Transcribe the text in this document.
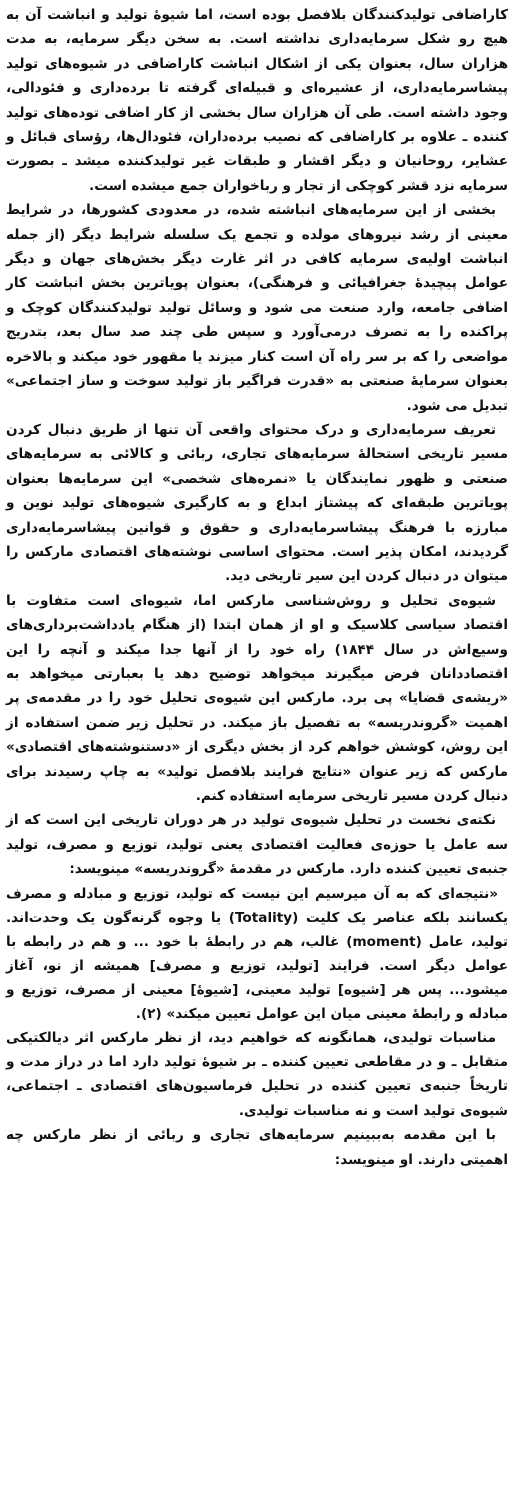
کاراضافی تولیدکنندگان بلافصل بوده است، اما شیوهٔ تولید و انباشت آن به هیچ رو شکل سرمایه‌داری نداشته است. به سخن دیگر سرمایه، به مدت هزاران سال، بعنوان یکی از اشکال انباشت کاراضافی در شیوه‌های تولید پیشاسرمایه‌داری، از عشیره‌ای و قبیله‌ای گرفته تا برده‌داری و فئودالی، وجود داشته است. طی آن هزاران سال بخشی از کار اضافی توده‌های تولید کننده ـ علاوه بر کاراضافی که نصیب برده‌داران، فئودال‌ها، رؤسای قبائل و عشایر، روحانیان و دیگر اقشار و طبقات غیر تولیدکننده میشد ـ بصورت سرمایه نزد قشر کوچکی از تجار و رباخواران جمع میشده است.

بخشی از این سرمایه‌های انباشته شده، در معدودی کشورها، در شرایط معینی از رشد نیروهای مولده و تجمع یک سلسله شرایط دیگر (از جمله انباشت اولیه‌ی سرمایه کافی در اثر غارت دیگر بخش‌های جهان و دیگر عوامل پیچیدهٔ جغرافیائی و فرهنگی)، بعنوان پویاترین بخش انباشت کار اضافی جامعه، وارد صنعت می شود و وسائل تولید تولیدکنندگان کوچک و پراکنده را به تصرف درمی‌آورد و سپس طی چند صد سال بعد، بتدریج مواضعی را که بر سر راه آن است کنار میزند یا مقهور خود میکند و بالاخره بعنوان سرمایهٔ صنعتی به «قدرت فراگیر باز تولید سوخت و ساز اجتماعی» تبدیل می شود.

تعریف سرمایه‌داری و درک محتوای واقعی آن تنها از طریق دنبال کردن مسیر تاریخی استحالهٔ سرمایه‌های تجاری، ربائی و کالائی به سرمایه‌های صنعتی و ظهور نمایندگان یا «نمره‌های شخصی» این سرمایه‌ها بعنوان پویاترین طبقه‌ای که پیشتاز ابداع و به کارگیری شیوه‌های تولید نوین و مبارزه با فرهنگ پیشاسرمایه‌داری و حقوق و قوانین پیشاسرمایه‌داری گردیدند، امکان پذیر است. محتوای اساسی نوشته‌های اقتصادی مارکس را میتوان در دنبال کردن این سیر تاریخی دید.

شیوه‌ی تحلیل و روش‌شناسی مارکس اما، شیوه‌ای است متفاوت با اقتصاد سیاسی کلاسیک و او از همان ابتدا (از هنگام یادداشت‌برداری‌های وسیع‌اش در سال ۱۸۴۴) راه خود را از آنها جدا میکند و آنچه را این اقتصاددانان فرض میگیرند میخواهد توضیح دهد یا بعبارتی میخواهد به «ریشه‌ی قضایا» پی برد. مارکس این شیوه‌ی تحلیل خود را در مقدمه‌ی پر اهمیت «گروندریسه» به تفصیل باز میکند. در تحلیل زیر ضمن استفاده از این روش، کوشش خواهم کرد از بخش دیگری از «دستنوشته‌های اقتصادی» مارکس که زیر عنوان «نتایج فرایند بلافصل تولید» به چاپ رسیدند برای دنبال کردن مسیر تاریخی سرمایه استفاده کنم.

نکته‌ی نخست در تحلیل شیوه‌ی تولید در هر دوران تاریخی این است که از سه عامل یا حوزه‌ی فعالیت اقتصادی یعنی تولید، توزیع و مصرف، تولید جنبه‌ی تعیین کننده دارد. مارکس در مقدمهٔ «گروندریسه» مینویسد:

«نتیجه‌ای که به آن میرسیم این نیست که تولید، توزیع و مبادله و مصرف یکسانند بلکه عناصر یک کلیت (Totality) یا وجوه گرنه‌گون یک وحدت‌اند. تولید، عامل (moment) غالب، هم در رابطهٔ با خود ... و هم در رابطه با عوامل دیگر است. فرایند [تولید، توزیع و مصرف] همیشه از نو، آغاز میشود... پس هر [شیوه] تولید معینی، [شیوهٔ] معینی از مصرف، توزیع و مبادله و رابطهٔ معینی میان این عوامل تعیین میکند» (۲).

مناسبات تولیدی، همانگونه که خواهیم دید، از نظر مارکس اثر دیالکتیکی متقابل ـ و در مقاطعی تعیین کننده ـ بر شیوهٔ تولید دارد اما در دراز مدت و تاریخاً جنبه‌ی تعیین کننده در تحلیل فرماسیون‌های اقتصادی ـ اجتماعی، شیوه‌ی تولید است و نه مناسبات تولیدی.

با این مقدمه به‌ببینیم سرمایه‌های تجاری و ربائی از نظر مارکس چه اهمیتی دارند. او مینویسد:
